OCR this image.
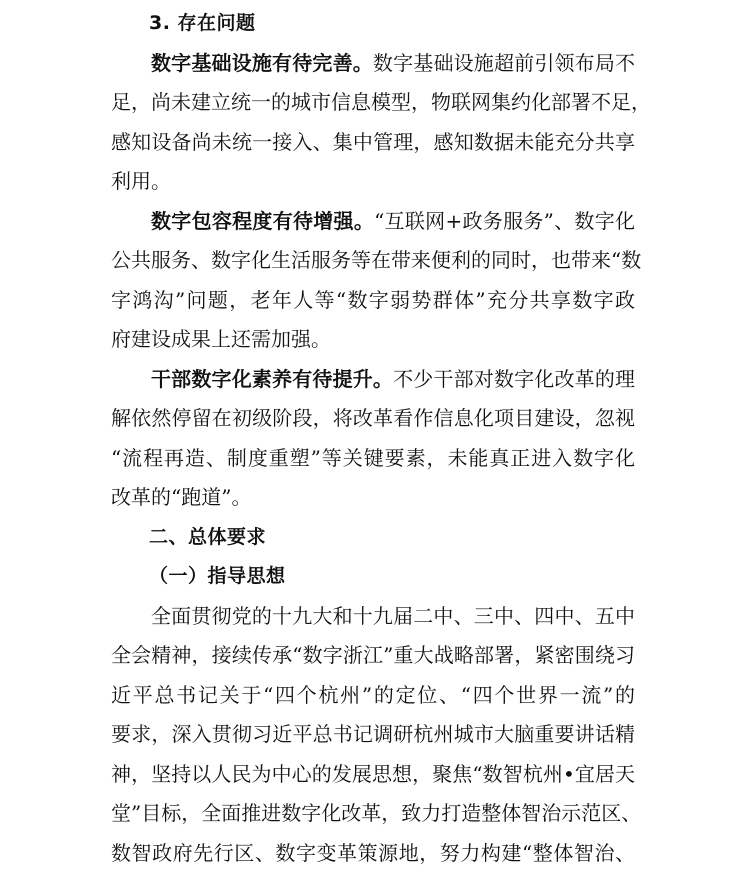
3. 存在问题
数字基础设施有待完善。数字基础设施超前引领布局不
足，尚未建立统一的城市信息模型，物联网集约化部署不足，
感知设备尚未统一接入、集中管理，感知数据未能充分共享
利用。
数字包容程度有待增强。“互联网+政务服务”、数字化
公共服务、数字化生活服务等在带来便利的同时，也带来“数
字鸿沟”问题，老年人等“数字弱势群体”充分共享数字政
府建设成果上还需加强。
干部数字化素养有待提升。不少干部对数字化改革的理
解依然停留在初级阶段，将改革看作信息化项目建设，忽视
“流程再造、制度重塑”等关键要素，未能真正进入数字化
改革的“跑道”。
二、总体要求
（一）指导思想
全面贯彻党的十九大和十九届二中、三中、四中、五中
全会精神，接续传承“数字浙江”重大战略部署，紧密围绕习
近平总书记关于“四个杭州”的定位、“四个世界一流”的
要求，深入贯彻习近平总书记调研杭州城市大脑重要讲话精
神，坚持以人民为中心的发展思想，聚焦“数智杭州•宜居天
堂”目标，全面推进数字化改革，致力打造整体智治示范区、
数智政府先行区、数字变革策源地，努力构建“整体智治、
